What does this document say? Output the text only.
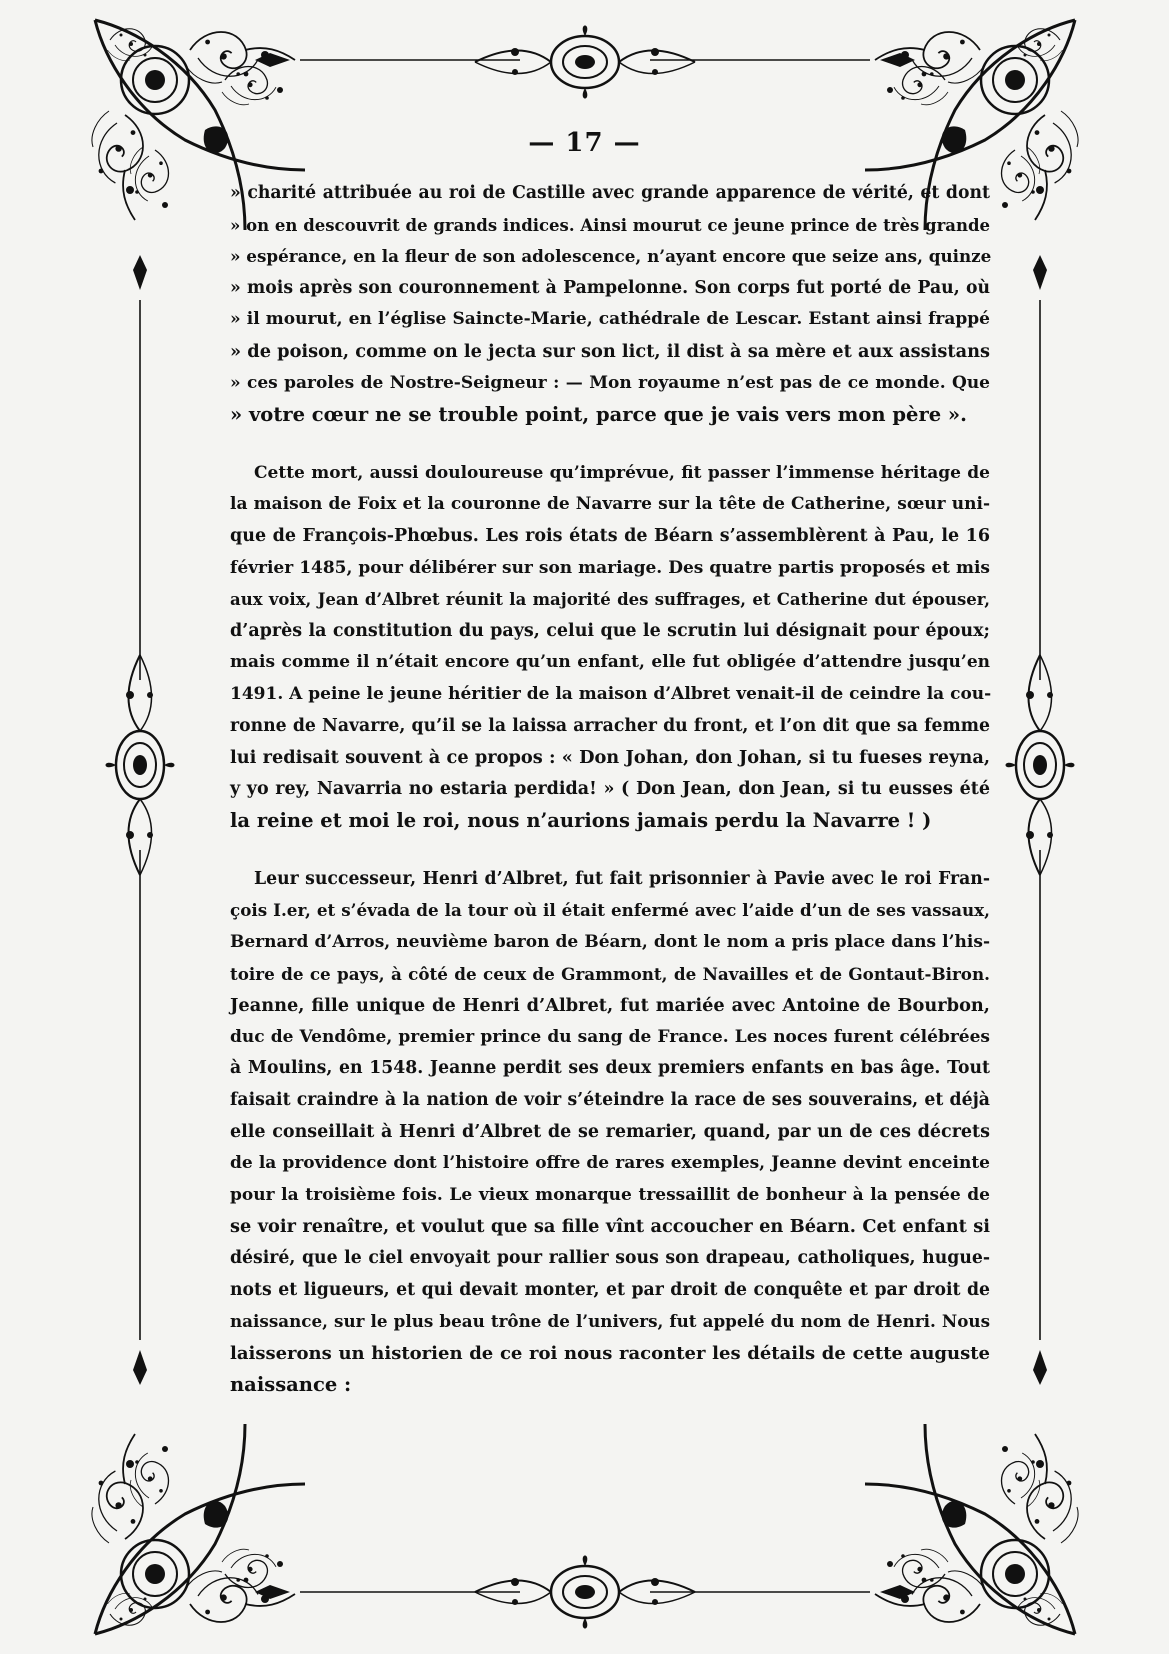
— 17 —
» charité attribuée au roi de Castille avec grande apparence de vérité, et dont
» on en descouvrit de grands indices. Ainsi mourut ce jeune prince de très grande
» espérance, en la fleur de son adolescence, n’ayant encore que seize ans, quinze
» mois après son couronnement à Pampelonne. Son corps fut porté de Pau, où
» il mourut, en l’église Saincte-Marie, cathédrale de Lescar. Estant ainsi frappé
» de poison, comme on le jecta sur son lict, il dist à sa mère et aux assistans
» ces paroles de Nostre-Seigneur : — Mon royaume n’est pas de ce monde. Que
» votre cœur ne se trouble point, parce que je vais vers mon père ».
Cette mort, aussi douloureuse qu’imprévue, fit passer l’immense héritage de
la maison de Foix et la couronne de Navarre sur la tête de Catherine, sœur uni-
que de François-Phœbus. Les rois états de Béarn s’assemblèrent à Pau, le 16
février 1485, pour délibérer sur son mariage. Des quatre partis proposés et mis
aux voix, Jean d’Albret réunit la majorité des suffrages, et Catherine dut épouser,
d’après la constitution du pays, celui que le scrutin lui désignait pour époux;
mais comme il n’était encore qu’un enfant, elle fut obligée d’attendre jusqu’en
1491. A peine le jeune héritier de la maison d’Albret venait-il de ceindre la cou-
ronne de Navarre, qu’il se la laissa arracher du front, et l’on dit que sa femme
lui redisait souvent à ce propos : « Don Johan, don Johan, si tu fueses reyna,
y yo rey, Navarria no estaria perdida! » ( Don Jean, don Jean, si tu eusses été
la reine et moi le roi, nous n’aurions jamais perdu la Navarre ! )
Leur successeur, Henri d’Albret, fut fait prisonnier à Pavie avec le roi Fran-
çois I.er, et s’évada de la tour où il était enfermé avec l’aide d’un de ses vassaux,
Bernard d’Arros, neuvième baron de Béarn, dont le nom a pris place dans l’his-
toire de ce pays, à côté de ceux de Grammont, de Navailles et de Gontaut-Biron.
Jeanne, fille unique de Henri d’Albret, fut mariée avec Antoine de Bourbon,
duc de Vendôme, premier prince du sang de France. Les noces furent célébrées
à Moulins, en 1548. Jeanne perdit ses deux premiers enfants en bas âge. Tout
faisait craindre à la nation de voir s’éteindre la race de ses souverains, et déjà
elle conseillait à Henri d’Albret de se remarier, quand, par un de ces décrets
de la providence dont l’histoire offre de rares exemples, Jeanne devint enceinte
pour la troisième fois. Le vieux monarque tressaillit de bonheur à la pensée de
se voir renaître, et voulut que sa fille vînt accoucher en Béarn. Cet enfant si
désiré, que le ciel envoyait pour rallier sous son drapeau, catholiques, hugue-
nots et ligueurs, et qui devait monter, et par droit de conquête et par droit de
naissance, sur le plus beau trône de l’univers, fut appelé du nom de Henri. Nous
laisserons un historien de ce roi nous raconter les détails de cette auguste
naissance :
